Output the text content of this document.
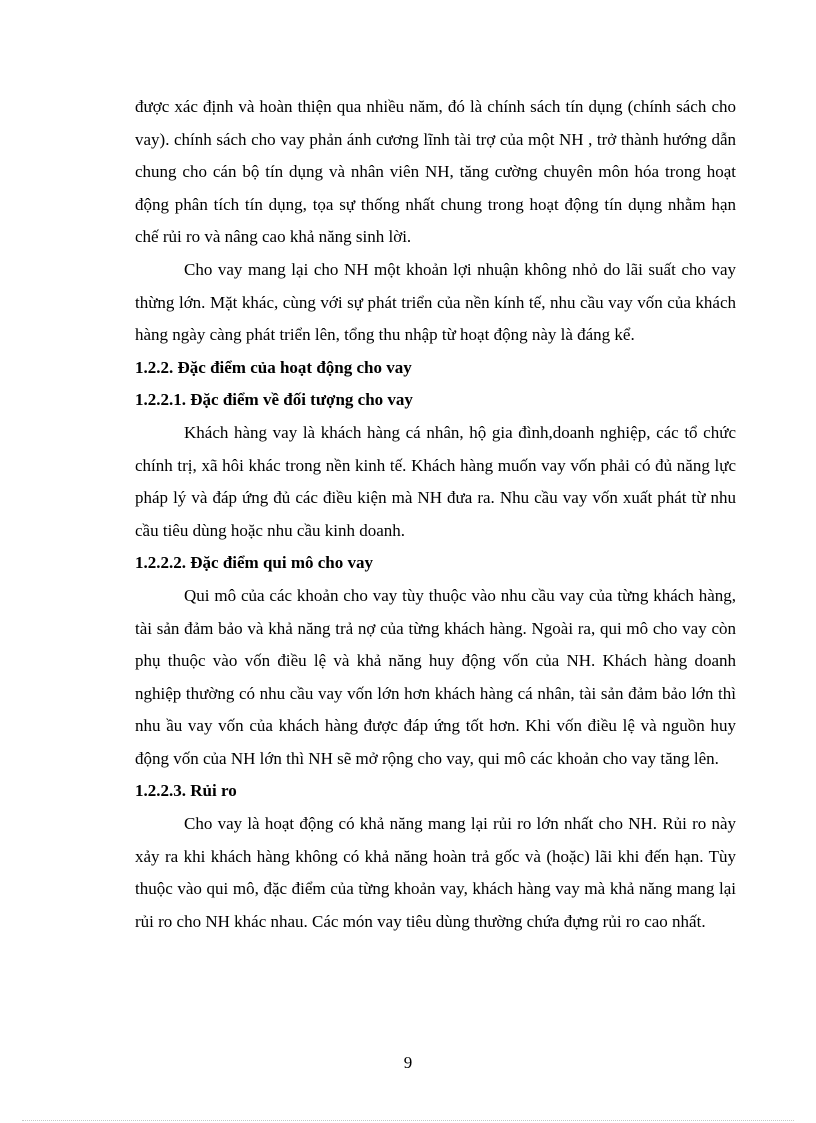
được xác định và hoàn thiện qua nhiều năm, đó là chính sách tín dụng (chính sách cho vay). chính sách cho vay phản ánh cương lĩnh tài trợ của một NH , trở thành hướng dẫn chung cho cán bộ tín dụng và nhân viên NH, tăng cường chuyên môn hóa trong hoạt động phân tích tín dụng, tọa sự thống nhất chung trong hoạt động tín dụng nhằm hạn chế rủi ro và nâng cao khả năng sinh lời.

Cho vay mang lại cho NH một khoản lợi nhuận không nhỏ do lãi suất cho vay thừng lớn. Mặt khác, cùng với sự phát triển của nền kính tế, nhu cầu vay vốn của khách hàng ngày càng phát triển lên, tổng thu nhập từ hoạt động này là đáng kể.

1.2.2. Đặc điểm của hoạt động cho vay

1.2.2.1. Đặc điểm về đối tượng cho vay

Khách hàng vay là khách hàng cá nhân, hộ gia đình,doanh nghiệp, các tổ chức chính trị, xã hôi khác trong nền kinh tế. Khách hàng muốn vay vốn phải có đủ năng lực pháp lý và đáp ứng đủ các điều kiện mà NH đưa ra. Nhu cầu vay vốn xuất phát từ nhu cầu tiêu dùng hoặc nhu cầu kinh doanh.

1.2.2.2. Đặc điểm qui mô cho vay

Qui mô của các khoản cho vay tùy thuộc vào nhu cầu vay của từng khách hàng, tài sản đảm bảo và khả năng trả nợ của từng khách hàng. Ngoài ra, qui mô cho vay còn phụ thuộc vào vốn điều lệ và khả năng huy động vốn của NH. Khách hàng doanh nghiệp thường có nhu cầu vay vốn lớn hơn khách hàng cá nhân, tài sản đảm bảo lớn thì nhu ầu vay vốn của khách hàng được đáp ứng tốt hơn. Khi vốn điều lệ và nguồn huy động vốn của NH lớn thì NH sẽ mở rộng cho vay, qui mô các khoản cho vay tăng lên.

1.2.2.3. Rủi ro

Cho vay là hoạt động có khả năng mang lại rủi ro lớn nhất cho NH. Rủi ro này xảy ra khi khách hàng không có khả năng hoàn trả gốc và (hoặc) lãi khi đến hạn. Tùy thuộc vào qui mô, đặc điểm của từng khoản vay, khách hàng vay mà khả năng mang lại rủi ro cho NH khác nhau. Các món vay tiêu dùng thường chứa đựng rủi ro cao nhất.

9
